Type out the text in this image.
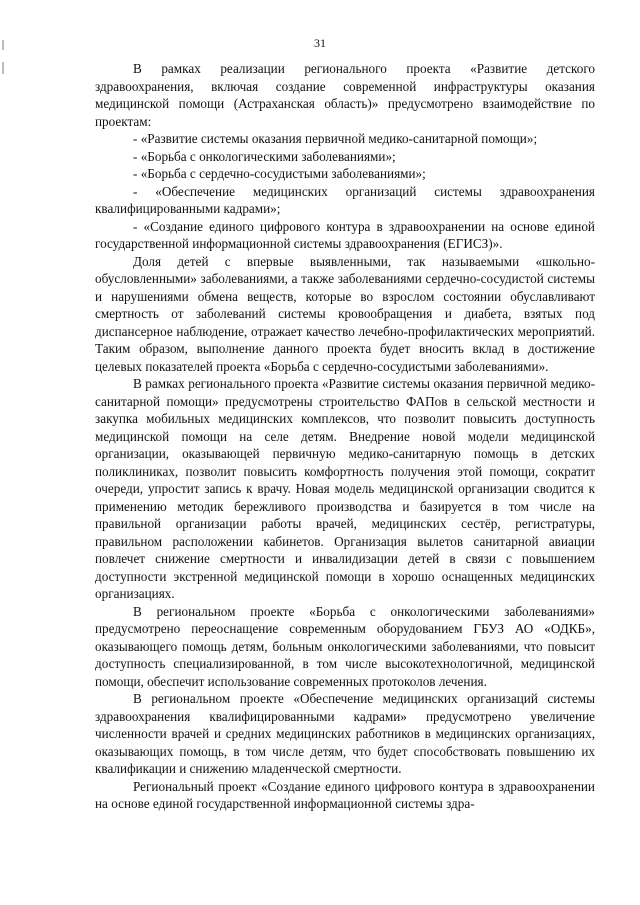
31

В рамках реализации регионального проекта «Развитие детского здравоохранения, включая создание современной инфраструктуры оказания медицинской помощи (Астраханская область)» предусмотрено взаимодействие по проектам:

- «Развитие системы оказания первичной медико-санитарной помощи»;

- «Борьба с онкологическими заболеваниями»;

- «Борьба с сердечно-сосудистыми заболеваниями»;

- «Обеспечение медицинских организаций системы здравоохранения квалифицированными кадрами»;

- «Создание единого цифрового контура в здравоохранении на основе единой государственной информационной системы здравоохранения (ЕГИСЗ)».

Доля детей с впервые выявленными, так называемыми «школьно-обусловленными» заболеваниями, а также заболеваниями сердечно-сосудистой системы и нарушениями обмена веществ, которые во взрослом состоянии обуславливают смертность от заболеваний системы кровообращения и диабета, взятых под диспансерное наблюдение, отражает качество лечебно-профилактических мероприятий. Таким образом, выполнение данного проекта будет вносить вклад в достижение целевых показателей проекта «Борьба с сердечно-сосудистыми заболеваниями».

В рамках регионального проекта «Развитие системы оказания первичной медико-санитарной помощи» предусмотрены строительство ФАПов в сельской местности и закупка мобильных медицинских комплексов, что позволит повысить доступность медицинской помощи на селе детям. Внедрение новой модели медицинской организации, оказывающей первичную медико-санитарную помощь в детских поликлиниках, позволит повысить комфортность получения этой помощи, сократит очереди, упростит запись к врачу. Новая модель медицинской организации сводится к применению методик бережливого производства и базируется в том числе на правильной организации работы врачей, медицинских сестёр, регистратуры, правильном расположении кабинетов. Организация вылетов санитарной авиации повлечет снижение смертности и инвалидизации детей в связи с повышением доступности экстренной медицинской помощи в хорошо оснащенных медицинских организациях.

В региональном проекте «Борьба с онкологическими заболеваниями» предусмотрено переоснащение современным оборудованием ГБУЗ АО «ОДКБ», оказывающего помощь детям, больным онкологическими заболеваниями, что повысит доступность специализированной, в том числе высокотехнологичной, медицинской помощи, обеспечит использование современных протоколов лечения.

В региональном проекте «Обеспечение медицинских организаций системы здравоохранения квалифицированными кадрами» предусмотрено увеличение численности врачей и средних медицинских работников в медицинских организациях, оказывающих помощь, в том числе детям, что будет способствовать повышению их квалификации и снижению младенческой смертности.

Региональный проект «Создание единого цифрового контура в здравоохранении на основе единой государственной информационной системы здра-
